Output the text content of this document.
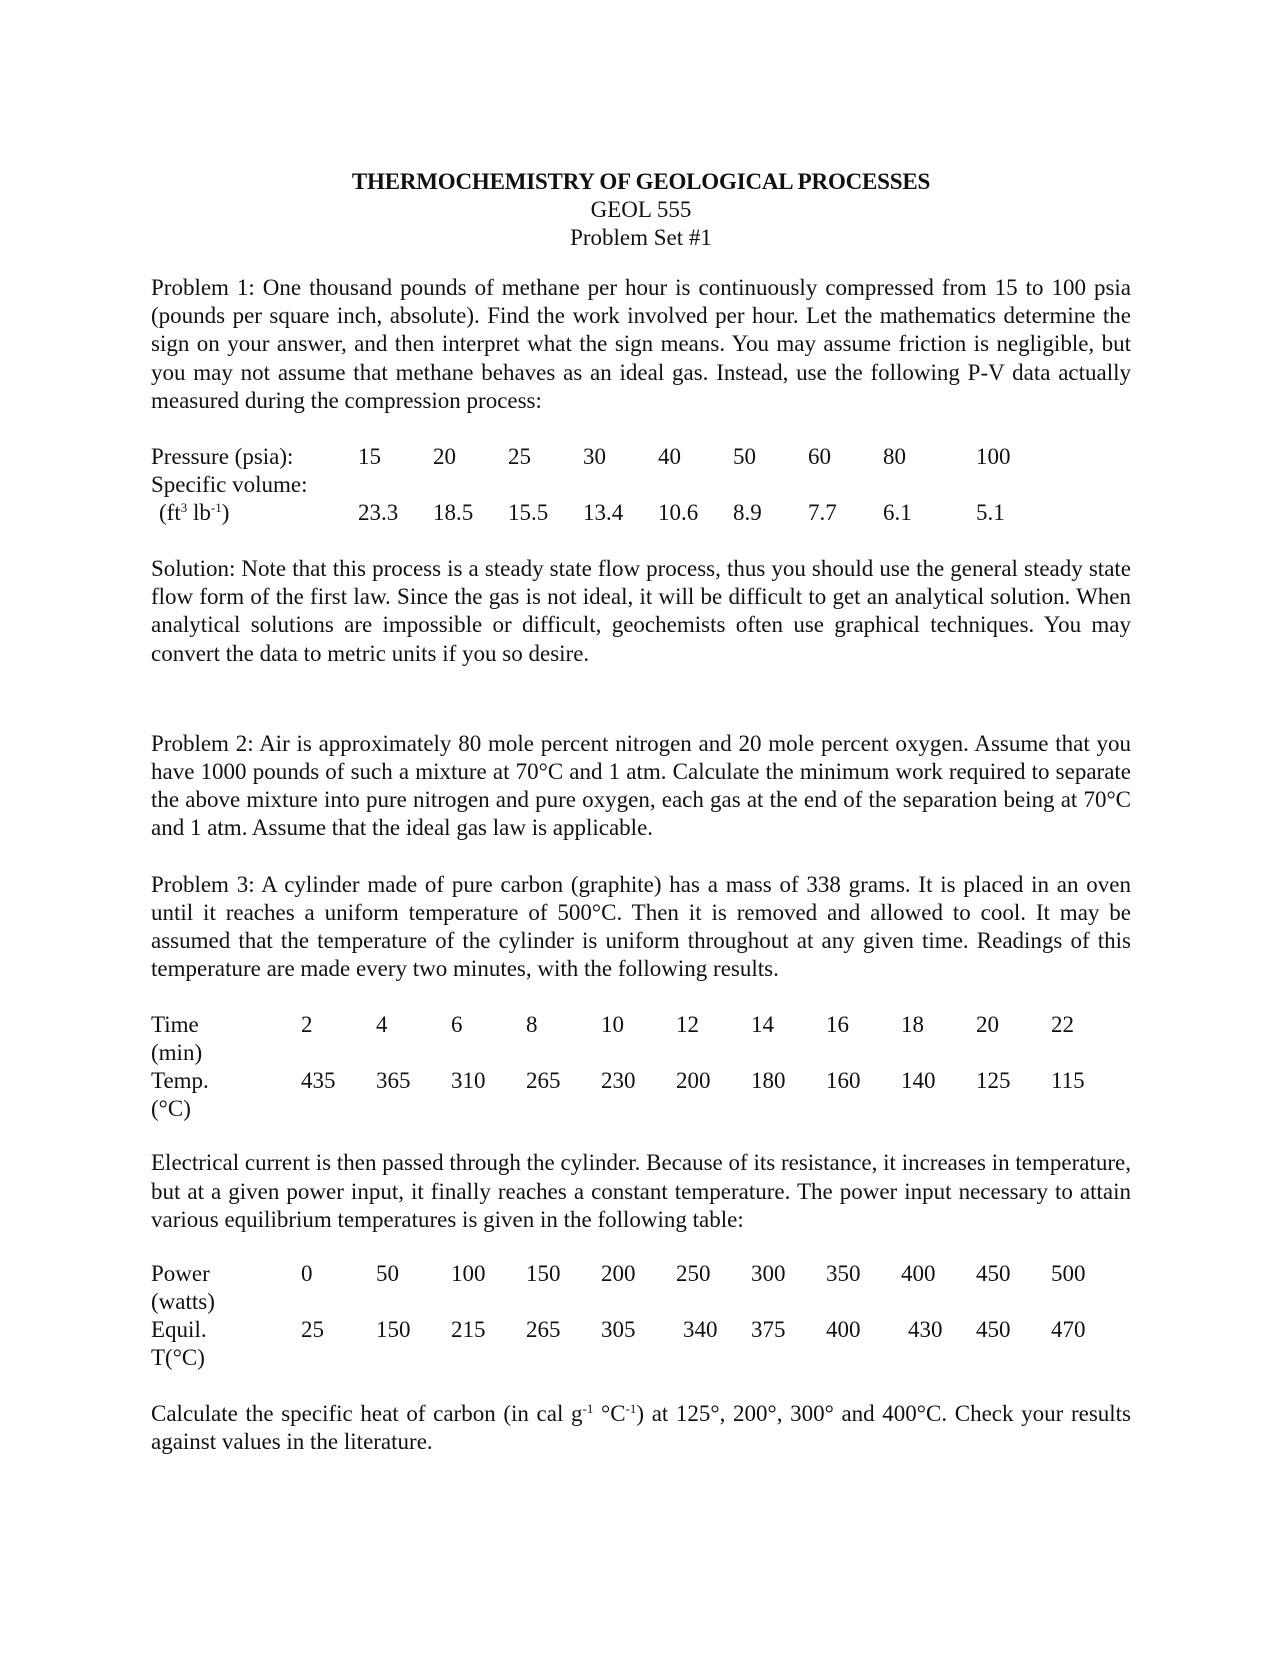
THERMOCHEMISTRY OF GEOLOGICAL PROCESSES
GEOL 555
Problem Set #1

Problem 1: One thousand pounds of methane per hour is continuously compressed from 15 to 100 psia (pounds per square inch, absolute). Find the work involved per hour. Let the mathematics determine the sign on your answer, and then interpret what the sign means. You may assume friction is negligible, but you may not assume that methane behaves as an ideal gas. Instead, use the following P-V data actually measured during the compression process:

Pressure (psia):	15 20 25 30 40 50 60 80	100
Specific volume:
($ft^3$ $lb^{-1}$)	23.3 18.5 15.5 13.4 10.6 8.9 7.7 6.1	5.1

Solution: Note that this process is a steady state flow process, thus you should use the general steady state flow form of the first law. Since the gas is not ideal, it will be difficult to get an analytical solution. When analytical solutions are impossible or difficult, geochemists often use graphical techniques. You may convert the data to metric units if you so desire.

Problem 2: Air is approximately 80 mole percent nitrogen and 20 mole percent oxygen. Assume that you have 1000 pounds of such a mixture at 70°C and 1 atm. Calculate the minimum work required to separate the above mixture into pure nitrogen and pure oxygen, each gas at the end of the separation being at 70°C and 1 atm. Assume that the ideal gas law is applicable.

Problem 3: A cylinder made of pure carbon (graphite) has a mass of 338 grams. It is placed in an oven until it reaches a uniform temperature of 500°C. Then it is removed and allowed to cool. It may be assumed that the temperature of the cylinder is uniform throughout at any given time. Readings of this temperature are made every two minutes, with the following results.

Time	2	4	6	8	10 12 14 16 18 20 22
(min)
Temp.	435 365 310 265 230 200 180 160 140 125 115
(°C)

Electrical current is then passed through the cylinder. Because of its resistance, it increases in temperature, but at a given power input, it finally reaches a constant temperature. The power input necessary to attain various equilibrium temperatures is given in the following table:

Power	0	50 100 150 200 250 300 350 400 450 500
(watts)
Equil.	25 150 215 265 305 340 375 400 430 450 470
T(°C)

Calculate the specific heat of carbon (in cal $g^{-1}$ $^\circ C^{-1}$) at 125°, 200°, 300° and 400°C. Check your results against values in the literature.
